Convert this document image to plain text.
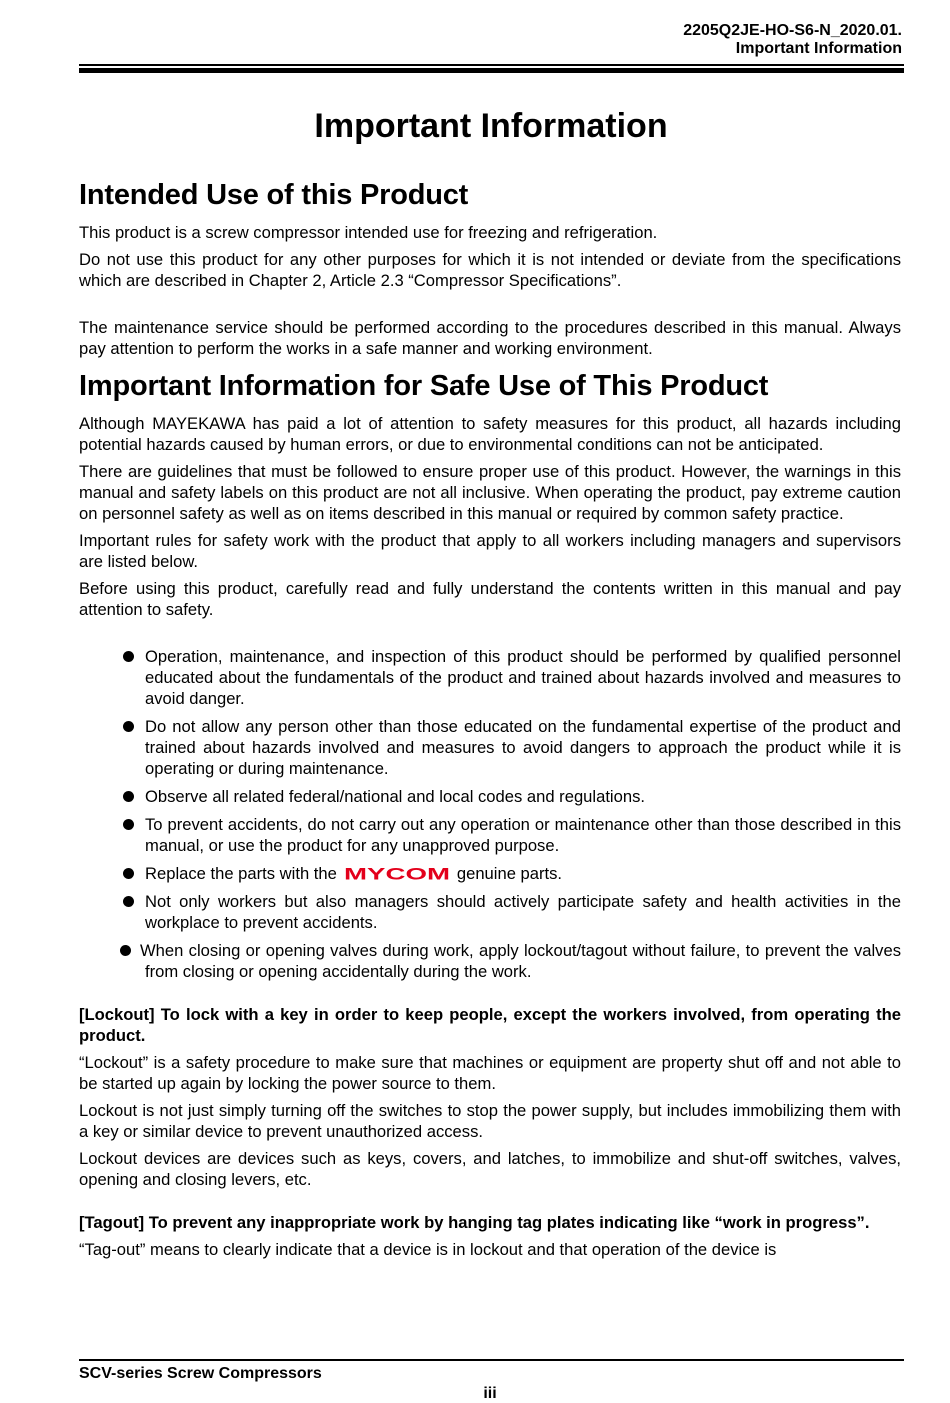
2205Q2JE-HO-S6-N_2020.01.
Important Information
Important Information
Intended Use of this Product

This product is a screw compressor intended use for freezing and refrigeration.

Do not use this product for any other purposes for which it is not intended or deviate from the specifications which are described in Chapter 2, Article 2.3 “Compressor Specifications”.

The maintenance service should be performed according to the procedures described in this manual. Always pay attention to perform the works in a safe manner and working environment.

Important Information for Safe Use of This Product

Although MAYEKAWA has paid a lot of attention to safety measures for this product, all hazards including potential hazards caused by human errors, or due to environmental conditions can not be anticipated.

There are guidelines that must be followed to ensure proper use of this product. However, the warnings in this manual and safety labels on this product are not all inclusive. When operating the product, pay extreme caution on personnel safety as well as on items described in this manual or required by common safety practice.

Important rules for safety work with the product that apply to all workers including managers and supervisors are listed below.

Before using this product, carefully read and fully understand the contents written in this manual and pay attention to safety.

Operation, maintenance, and inspection of this product should be performed by qualified personnel educated about the fundamentals of the product and trained about hazards involved and measures to avoid danger.
Do not allow any person other than those educated on the fundamental expertise of the product and trained about hazards involved and measures to avoid dangers to approach the product while it is operating or during maintenance.
Observe all related federal/national and local codes and regulations.
To prevent accidents, do not carry out any operation or maintenance other than those described in this manual, or use the product for any unapproved purpose.
Replace the parts with the MYCOM genuine parts.
Not only workers but also managers should actively participate safety and health activities in the workplace to prevent accidents.
When closing or opening valves during work, apply lockout/tagout without failure, to prevent the valves from closing or opening accidentally during the work.

[Lockout] To lock with a key in order to keep people, except the workers involved, from operating the product.

“Lockout” is a safety procedure to make sure that machines or equipment are property shut off and not able to be started up again by locking the power source to them.

Lockout is not just simply turning off the switches to stop the power supply, but includes immobilizing them with a key or similar device to prevent unauthorized access.

Lockout devices are devices such as keys, covers, and latches, to immobilize and shut-off switches, valves, opening and closing levers, etc.

[Tagout] To prevent any inappropriate work by hanging tag plates indicating like “work in progress”.

“Tag-out” means to clearly indicate that a device is in lockout and that operation of the device is

SCV-series Screw Compressors
iii
